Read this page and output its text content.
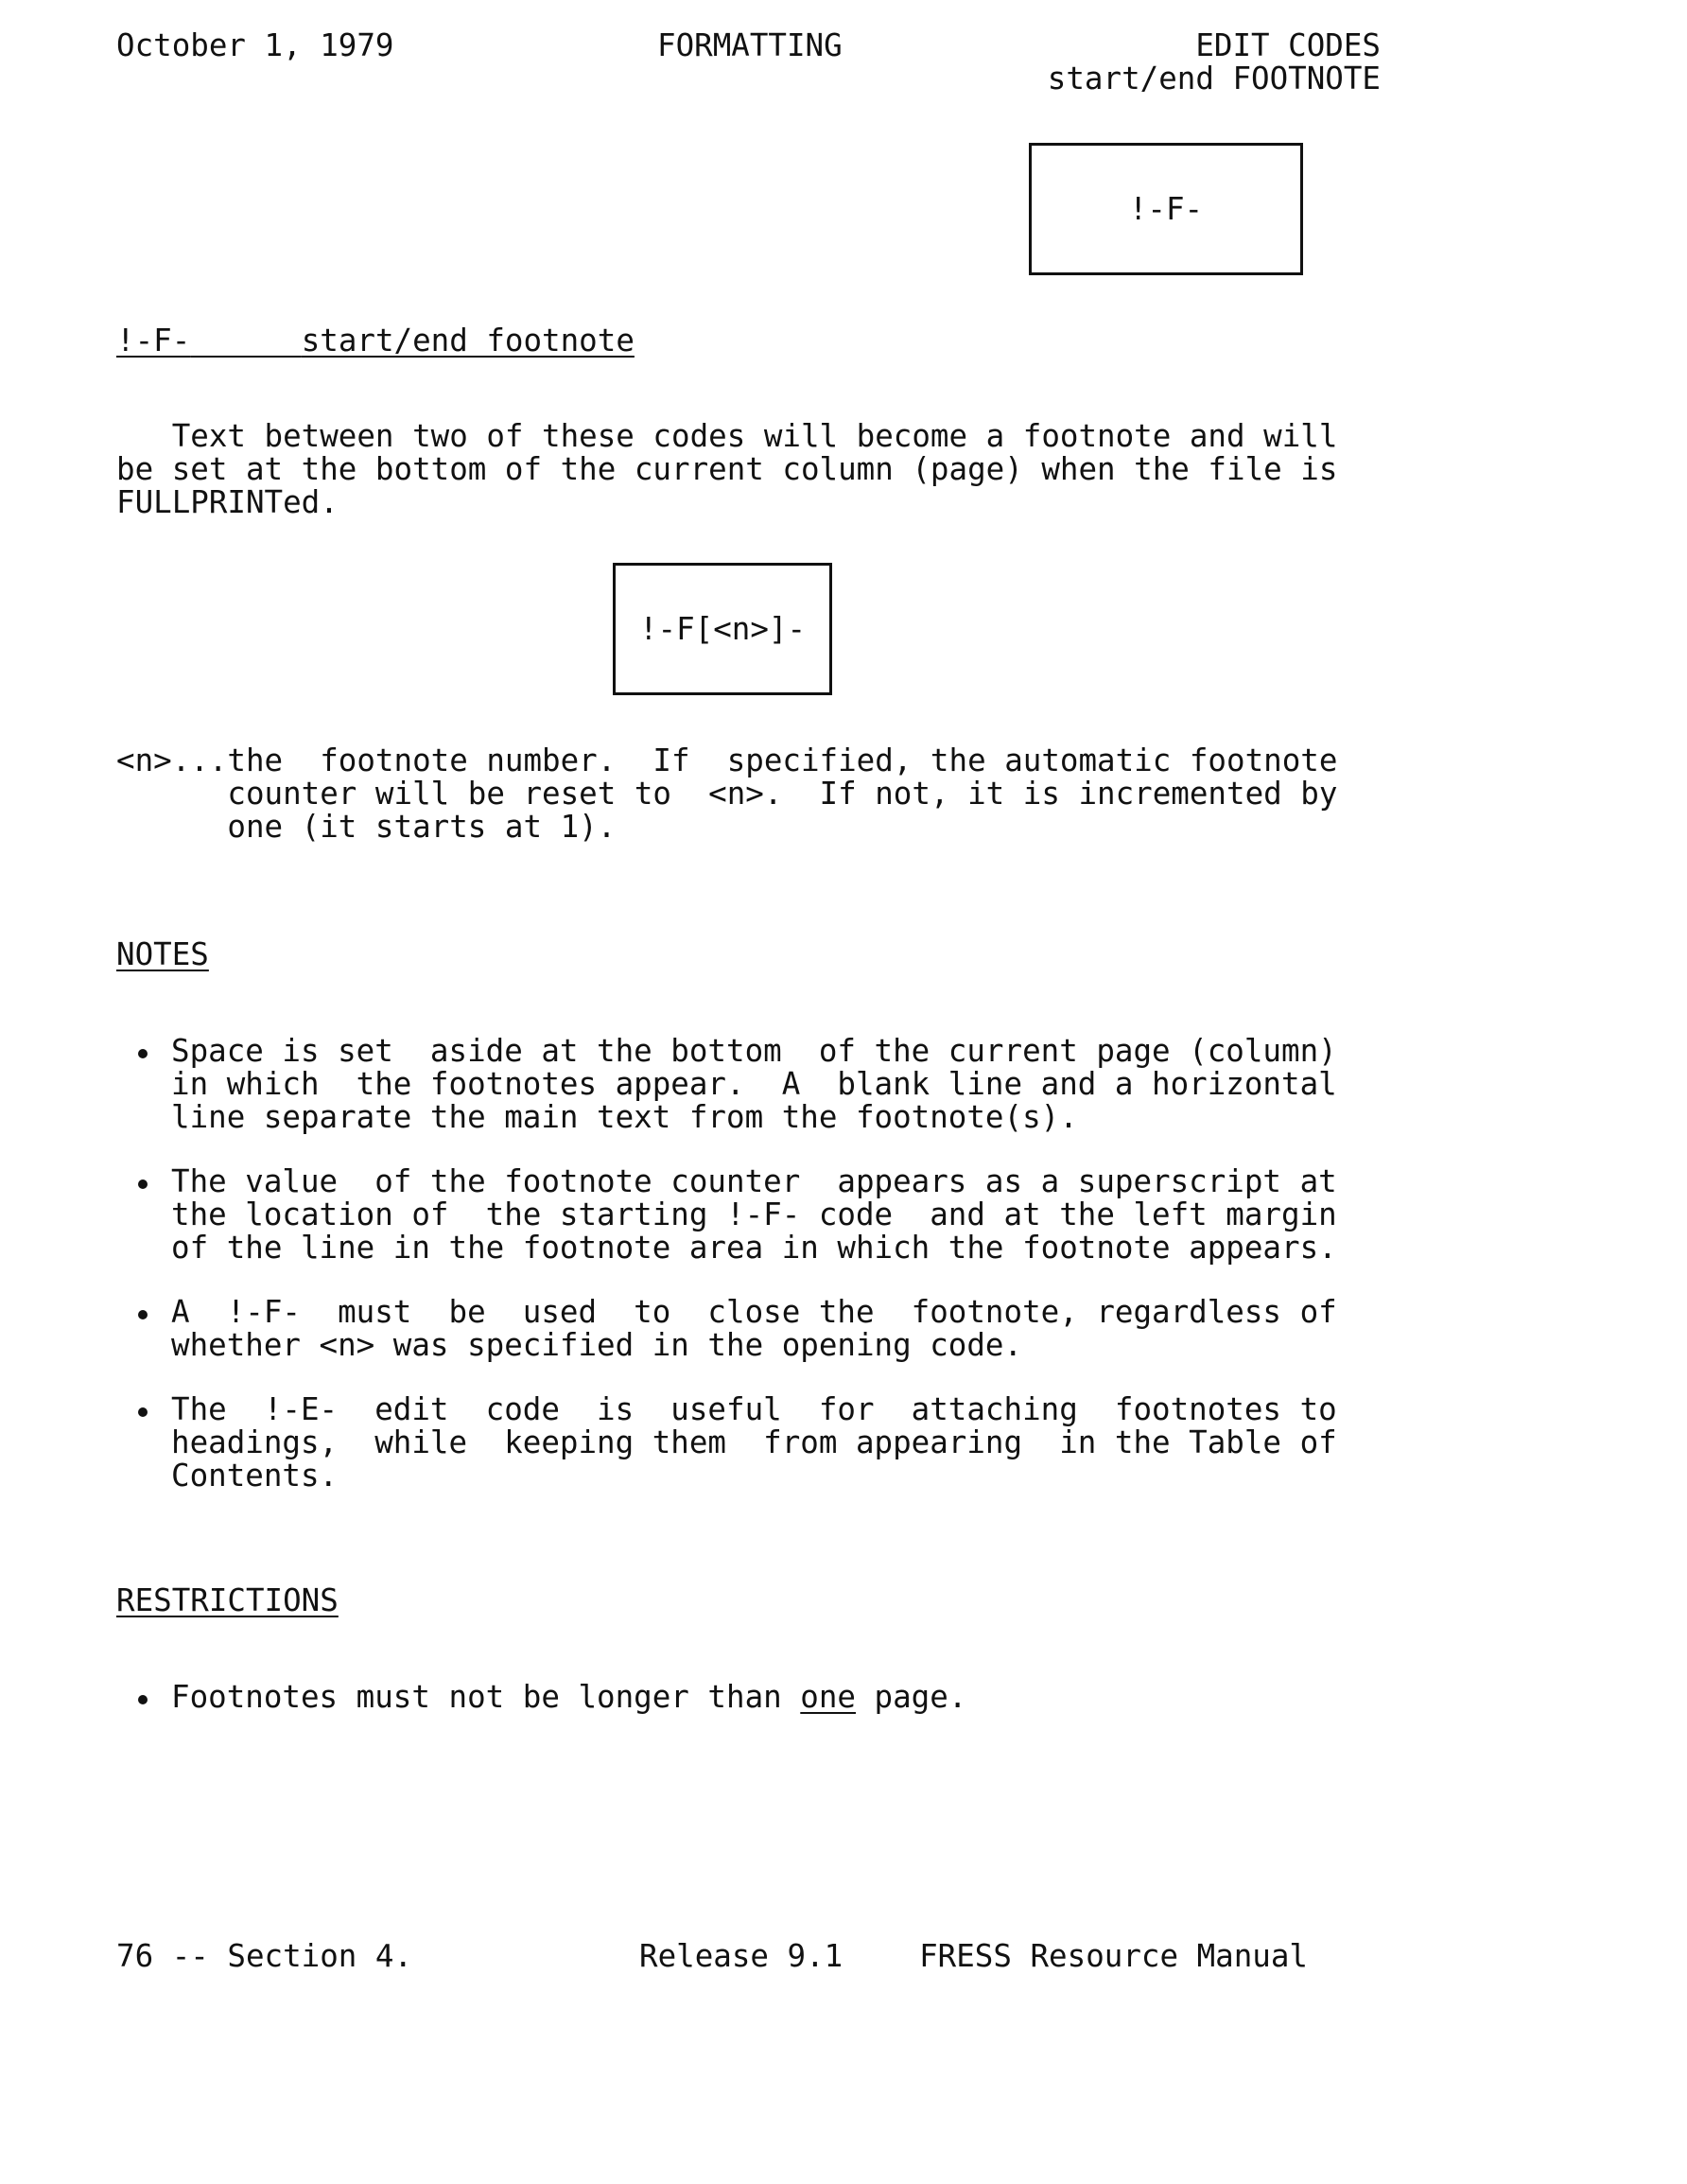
October 1, 1979	FORMATTING	EDIT CODES
start/end FOOTNOTE
!-F-
!-F-	start/end footnote
Text between two of these codes will become a footnote and will
be set at the bottom of the current column (page) when the file is
FULLPRINTed.
!-F[<n>]-
<n>...the  footnote number.  If  specified, the automatic footnote
counter will be reset to  <n>.  If not, it is incremented by
one (it starts at 1).
NOTES
Space is set  aside at the bottom  of the current page (column)
in which  the footnotes appear.  A  blank line and a horizontal
line separate the main text from the footnote(s).
The value  of the footnote counter  appears as a superscript at
the location of  the starting !-F- code  and at the left margin
of the line in the footnote area in which the footnote appears.
A  !-F-  must  be  used  to  close the  footnote, regardless of
whether <n> was specified in the opening code.
The  !-E-  edit  code  is  useful  for  attaching  footnotes to
headings,  while  keeping them  from appearing  in the Table of
Contents.
RESTRICTIONS
Footnotes must not be longer than one page.
76 -- Section 4.	Release 9.1 FRESS Resource Manual
